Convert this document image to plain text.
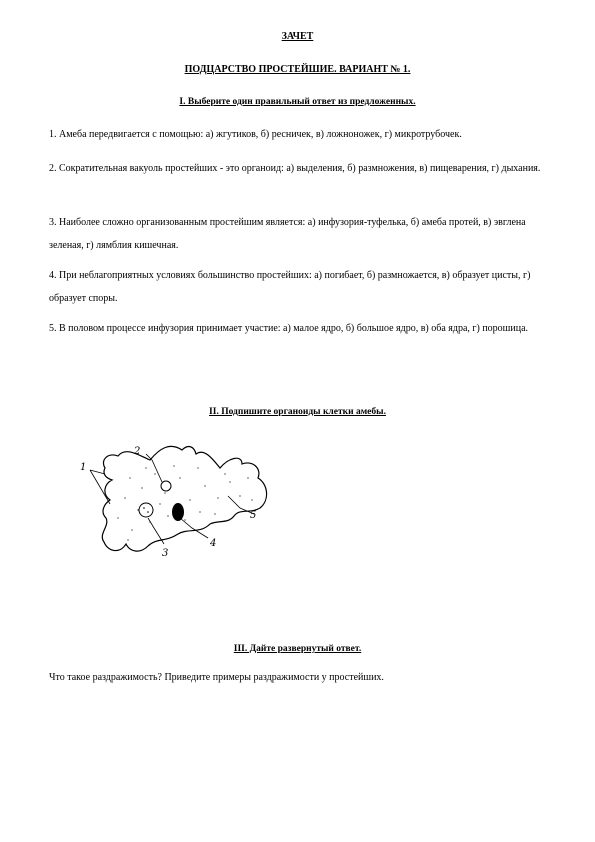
ЗАЧЕТ
ПОДЦАРСТВО ПРОСТЕЙШИЕ. ВАРИАНТ № 1.
I. Выберите один правильный ответ из предложенных.
1. Амеба передвигается с помощью: а) жгутиков, б) ресничек, в) ложноножек, г) микротрубочек.
2. Сократительная вакуоль простейших - это органоид: а) выделения, б) размножения, в) пищеварения, г) дыхания.
3. Наиболее сложно организованным простейшим является: а) инфузория-туфелька, б) амеба протей, в) эвглена зеленая, г) лямблия кишечная.
4. При неблагоприятных условиях большинство простейших: а) погибает, б) размножается, в) образует цисты, г) образует споры.
5. В половом процессе инфузория принимает участие: а) малое ядро, б) большое ядро, в) оба ядра, г) порошица.
II. Подпишите органоиды клетки амебы.
1
2
3
4
5
III. Дайте развернутый ответ.
Что такое раздражимость? Приведите примеры раздражимости у простейших.
